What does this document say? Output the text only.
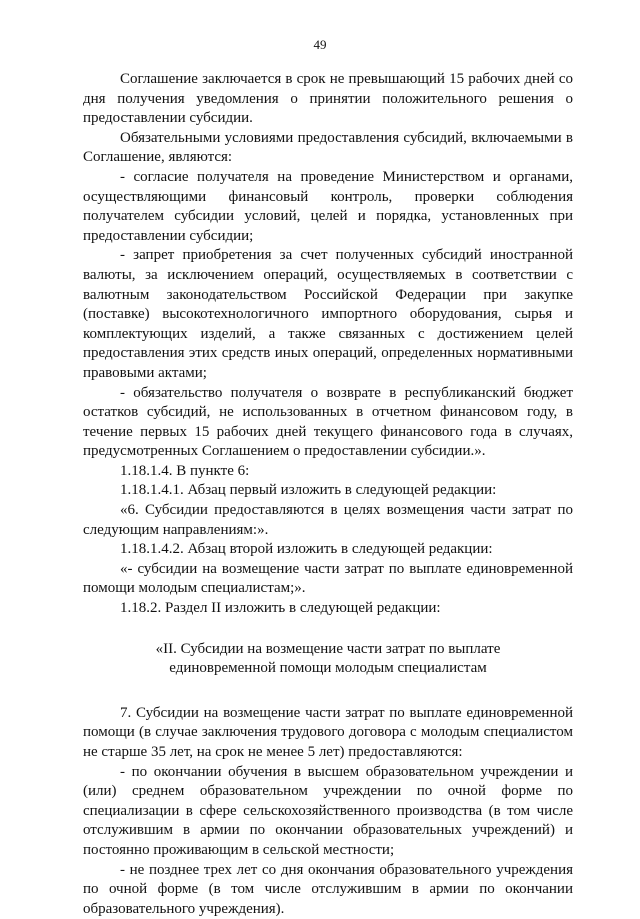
49

Соглашение заключается в срок не превышающий 15 рабочих дней со дня получения уведомления о принятии положительного решения о предоставлении субсидии.

Обязательными условиями предоставления субсидий, включаемыми в Соглашение, являются:

- согласие получателя на проведение Министерством и органами, осуществляющими финансовый контроль, проверки соблюдения получателем субсидии условий, целей и порядка, установленных при предоставлении субсидии;

- запрет приобретения за счет полученных субсидий иностранной валюты, за исключением операций, осуществляемых в соответствии с валютным законодательством Российской Федерации при закупке (поставке) высокотехнологичного импортного оборудования, сырья и комплектующих изделий, а также связанных с достижением целей предоставления этих средств иных операций, определенных нормативными правовыми актами;

- обязательство получателя о возврате в республиканский бюджет остатков субсидий, не использованных в отчетном финансовом году, в течение первых 15 рабочих дней текущего финансового года в случаях, предусмотренных Соглашением о предоставлении субсидии.».

1.18.1.4. В пункте 6:

1.18.1.4.1. Абзац первый изложить в следующей редакции:

«6. Субсидии предоставляются в целях возмещения части затрат по следующим направлениям:».

1.18.1.4.2. Абзац второй изложить в следующей редакции:

«- субсидии на возмещение части затрат по выплате единовременной помощи молодым специалистам;».

1.18.2. Раздел II изложить в следующей редакции:

«II. Субсидии на возмещение части затрат по выплате
единовременной помощи молодым специалистам

7. Субсидии на возмещение части затрат по выплате единовременной помощи (в случае заключения трудового договора с молодым специалистом не старше 35 лет, на срок не менее 5 лет) предоставляются:

- по окончании обучения в высшем образовательном учреждении и (или) среднем образовательном учреждении по очной форме по специализации в сфере сельскохозяйственного производства (в том числе отслужившим в армии по окончании образовательных учреждений) и постоянно проживающим в сельской местности;

- не позднее трех лет со дня окончания образовательного учреждения по очной форме (в том числе отслужившим в армии по окончании образовательного учреждения).
